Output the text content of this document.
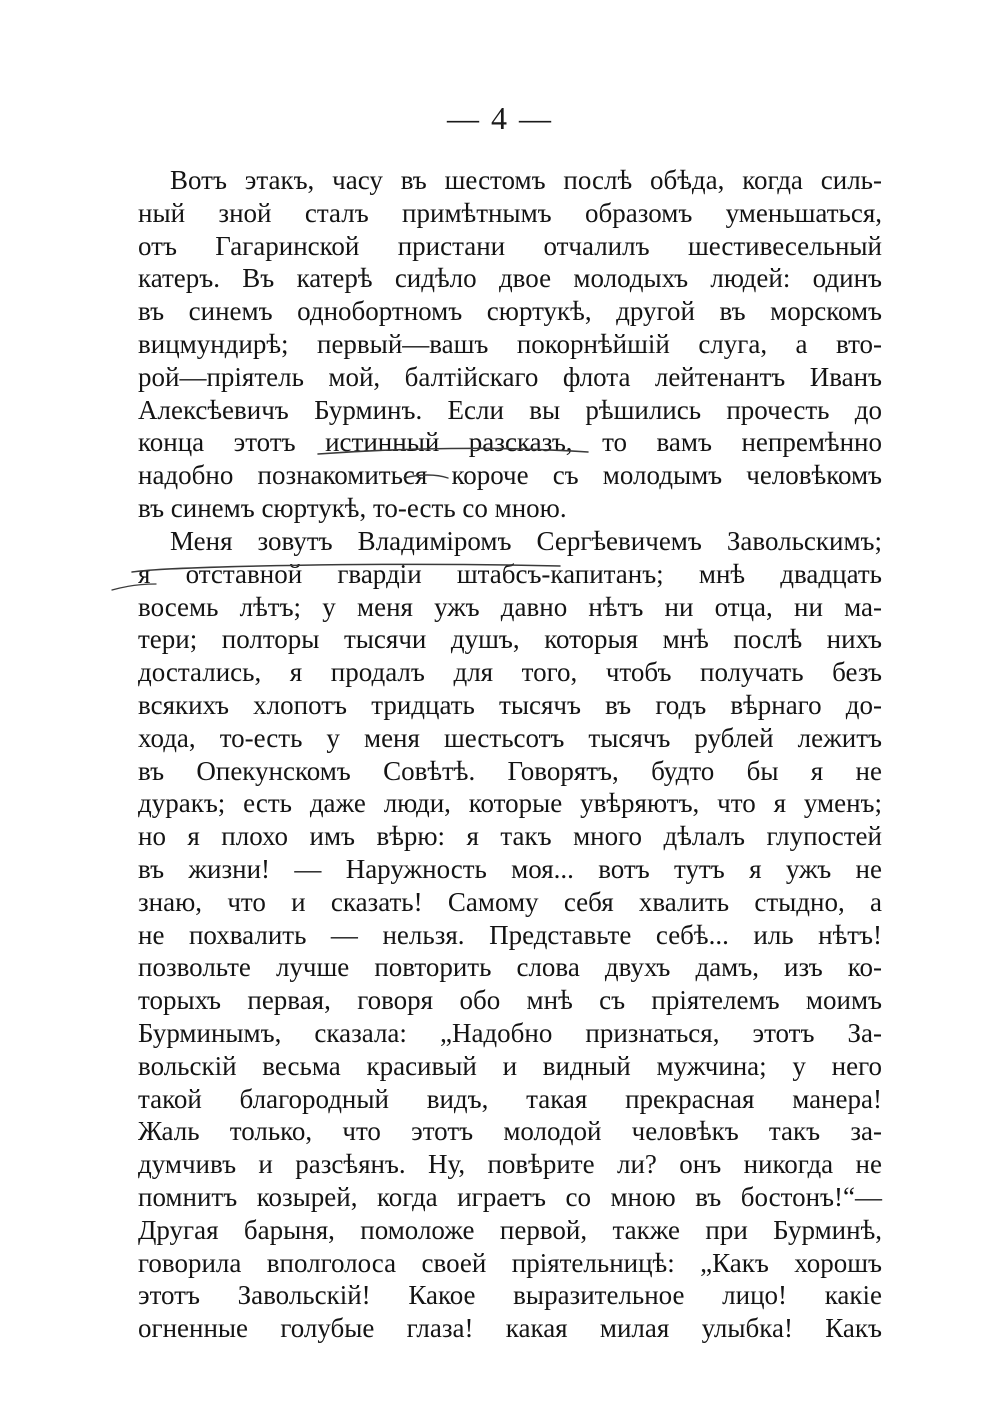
— 4 —
Вотъ этакъ, часу въ шестомъ послѣ обѣда, когда силь-
ный зной сталъ примѣтнымъ образомъ уменьшаться,
отъ Гагаринской пристани отчалилъ шестивесельный
катеръ. Въ катерѣ сидѣло двое молодыхъ людей: одинъ
въ синемъ однобортномъ сюртукѣ, другой въ морскомъ
вицмундирѣ; первый—вашъ покорнѣйшій слуга, а вто-
рой—пріятель мой, балтійскаго флота лейтенантъ Иванъ
Алексѣевичъ Бурминъ. Если вы рѣшились прочесть до
конца этотъ истинный разсказъ, то вамъ непремѣнно
надобно познакомиться короче съ молодымъ человѣкомъ
въ синемъ сюртукѣ, то-есть со мною.
Меня зовутъ Владиміромъ Сергѣевичемъ Завольскимъ;
я отставной гвардіи штабсъ-капитанъ; мнѣ двадцать
восемь лѣтъ; у меня ужъ давно нѣтъ ни отца, ни ма-
тери; полторы тысячи душъ, которыя мнѣ послѣ нихъ
достались, я продалъ для того, чтобъ получать безъ
всякихъ хлопотъ тридцать тысячъ въ годъ вѣрнаго до-
хода, то-есть у меня шестьсотъ тысячъ рублей лежитъ
въ Опекунскомъ Совѣтѣ. Говорятъ, будто бы я не
дуракъ; есть даже люди, которые увѣряютъ, что я уменъ;
но я плохо имъ вѣрю: я такъ много дѣлалъ глупостей
въ жизни! — Наружность моя... вотъ тутъ я ужъ не
знаю, что и сказать! Самому себя хвалить стыдно, а
не похвалить — нельзя. Представьте себѣ... иль нѣтъ!
позвольте лучше повторить слова двухъ дамъ, изъ ко-
торыхъ первая, говоря обо мнѣ съ пріятелемъ моимъ
Бурминымъ, сказала: „Надобно признаться, этотъ За-
вольскій весьма красивый и видный мужчина; у него
такой благородный видъ, такая прекрасная манера!
Жаль только, что этотъ молодой человѣкъ такъ за-
думчивъ и разсѣянъ. Ну, повѣрите ли? онъ никогда не
помнитъ козырей, когда играетъ со мною въ бостонъ!“—
Другая барыня, помоложе первой, также при Бурминѣ,
говорила вполголоса своей пріятельницѣ: „Какъ хорошъ
этотъ Завольскій! Какое выразительное лицо! какіе
огненные голубые глаза! какая милая улыбка! Какъ
